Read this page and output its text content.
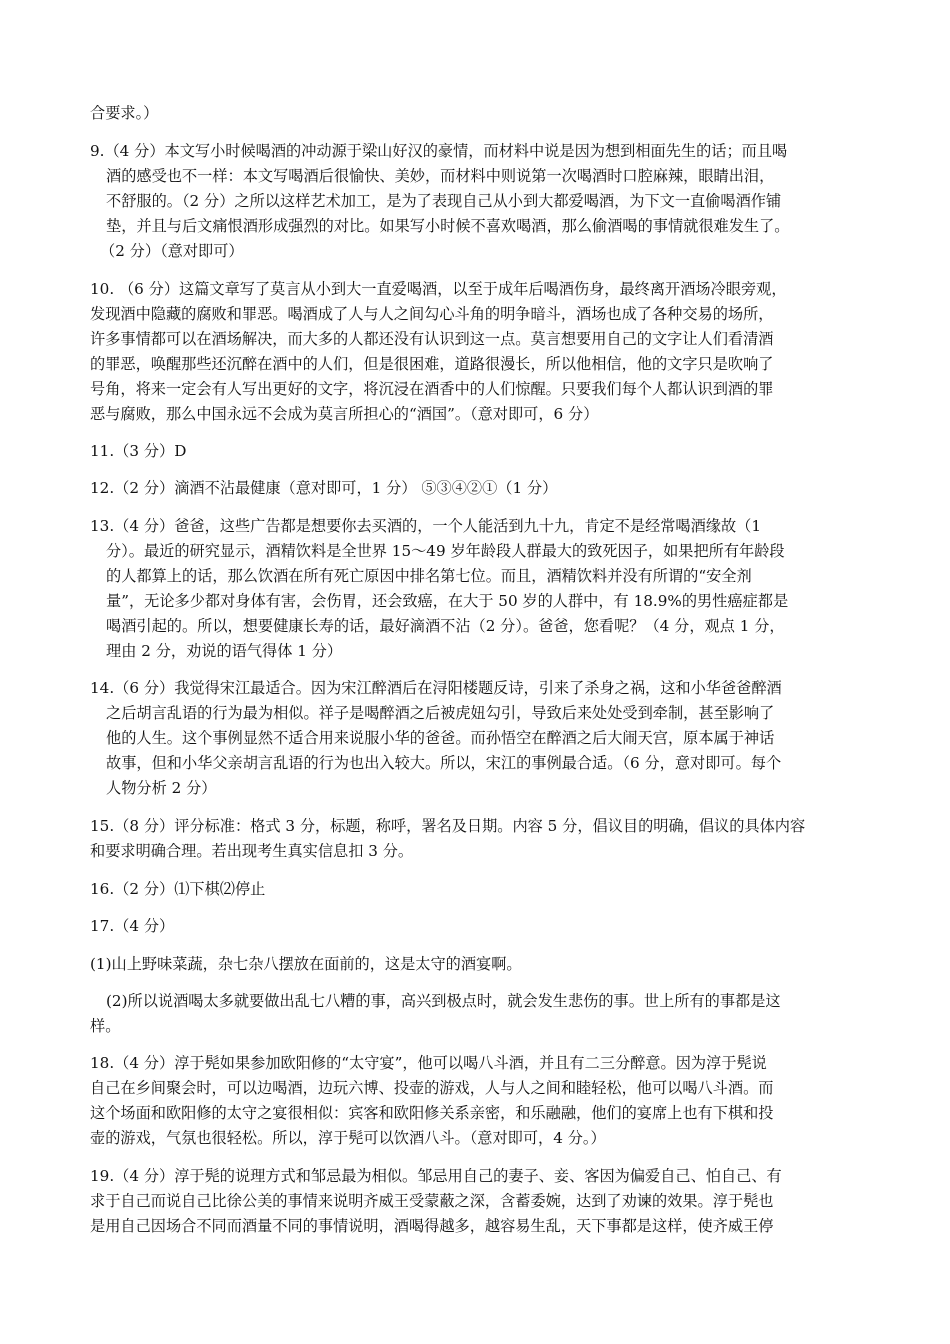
合要求。）
9.（4 分）本文写小时候喝酒的冲动源于梁山好汉的豪情，而材料中说是因为想到相面先生的话；而且喝
酒的感受也不一样：本文写喝酒后很愉快、美妙，而材料中则说第一次喝酒时口腔麻辣，眼睛出泪，
不舒服的。（2 分）之所以这样艺术加工，是为了表现自己从小到大都爱喝酒，为下文一直偷喝酒作铺
垫，并且与后文痛恨酒形成强烈的对比。如果写小时候不喜欢喝酒，那么偷酒喝的事情就很难发生了。
（2 分）（意对即可）
10. （6 分）这篇文章写了莫言从小到大一直爱喝酒，以至于成年后喝酒伤身，最终离开酒场冷眼旁观，
发现酒中隐藏的腐败和罪恶。喝酒成了人与人之间勾心斗角的明争暗斗，酒场也成了各种交易的场所，
许多事情都可以在酒场解决，而大多的人都还没有认识到这一点。莫言想要用自己的文字让人们看清酒
的罪恶，唤醒那些还沉醉在酒中的人们，但是很困难，道路很漫长，所以他相信，他的文字只是吹响了
号角，将来一定会有人写出更好的文字，将沉浸在酒香中的人们惊醒。只要我们每个人都认识到酒的罪
恶与腐败，那么中国永远不会成为莫言所担心的“酒国”。（意对即可，6 分）
11.（3 分）D
12.（2 分）滴酒不沾最健康（意对即可，1 分） ⑤③④②①（1 分）
13.（4 分）爸爸，这些广告都是想要你去买酒的，一个人能活到九十九，肯定不是经常喝酒缘故（1
分）。最近的研究显示，酒精饮料是全世界 15～49 岁年龄段人群最大的致死因子，如果把所有年龄段
的人都算上的话，那么饮酒在所有死亡原因中排名第七位。而且，酒精饮料并没有所谓的“安全剂
量”，无论多少都对身体有害，会伤胃，还会致癌，在大于 50 岁的人群中，有 18.9%的男性癌症都是
喝酒引起的。所以，想要健康长寿的话，最好滴酒不沾（2 分）。爸爸，您看呢？（4 分，观点 1 分，
理由 2 分，劝说的语气得体 1 分）
14.（6 分）我觉得宋江最适合。因为宋江醉酒后在浔阳楼题反诗，引来了杀身之祸，这和小华爸爸醉酒
之后胡言乱语的行为最为相似。祥子是喝醉酒之后被虎妞勾引，导致后来处处受到牵制，甚至影响了
他的人生。这个事例显然不适合用来说服小华的爸爸。而孙悟空在醉酒之后大闹天宫，原本属于神话
故事，但和小华父亲胡言乱语的行为也出入较大。所以，宋江的事例最合适。（6 分，意对即可。每个
人物分析 2 分）
15.（8 分）评分标准：格式 3 分，标题，称呼，署名及日期。内容 5 分，倡议目的明确，倡议的具体内容
和要求明确合理。若出现考生真实信息扣 3 分。
16.（2 分）⑴下棋⑵停止
17.（4 分）
(1)山上野味菜蔬，杂七杂八摆放在面前的，这是太守的酒宴啊。
(2)所以说酒喝太多就要做出乱七八糟的事，高兴到极点时，就会发生悲伤的事。世上所有的事都是这
样。
18.（4 分）淳于髡如果参加欧阳修的“太守宴”，他可以喝八斗酒，并且有二三分醉意。因为淳于髡说
自己在乡间聚会时，可以边喝酒，边玩六博、投壶的游戏，人与人之间和睦轻松，他可以喝八斗酒。而
这个场面和欧阳修的太守之宴很相似：宾客和欧阳修关系亲密，和乐融融，他们的宴席上也有下棋和投
壶的游戏，气氛也很轻松。所以，淳于髡可以饮酒八斗。（意对即可，4 分。）
19.（4 分）淳于髡的说理方式和邹忌最为相似。邹忌用自己的妻子、妾、客因为偏爱自己、怕自己、有
求于自己而说自己比徐公美的事情来说明齐威王受蒙蔽之深，含蓄委婉，达到了劝谏的效果。淳于髡也
是用自己因场合不同而酒量不同的事情说明，酒喝得越多，越容易生乱，天下事都是这样，使齐威王停
